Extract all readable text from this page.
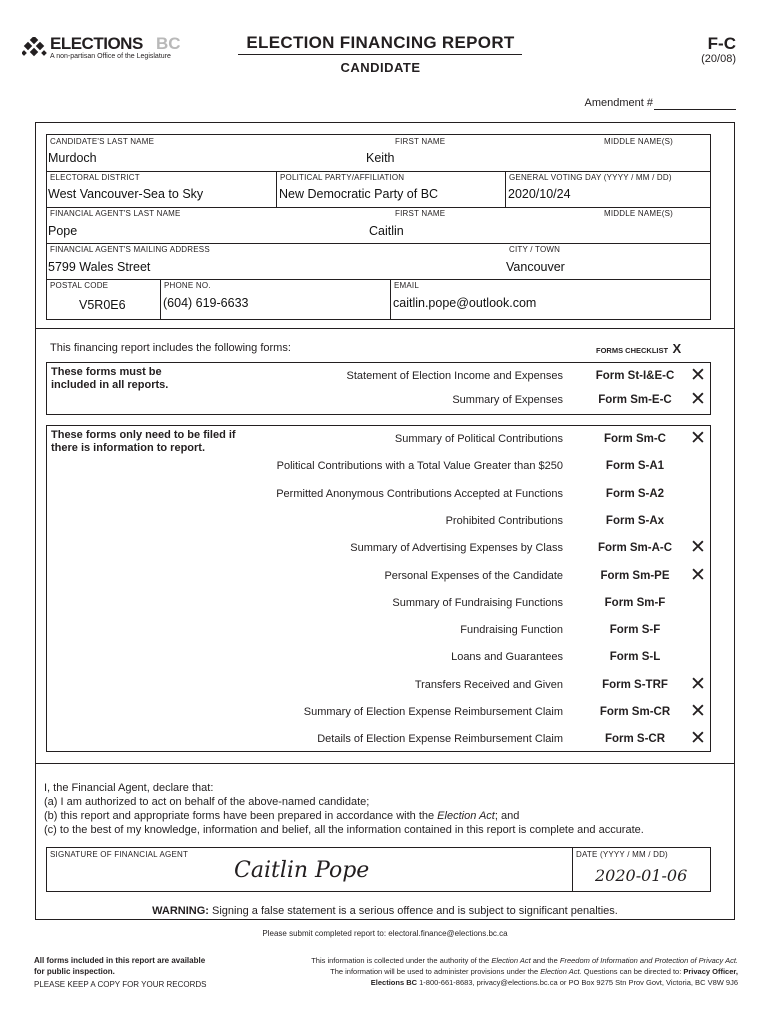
ELECTIONS BC
A non-partisan Office of the Legislature
ELECTION FINANCING REPORT
CANDIDATE
F-C
(20/08)
Amendment #
CANDIDATE'S LAST NAME
Murdoch
FIRST NAME
Keith
MIDDLE NAME(S)
ELECTORAL DISTRICT
West Vancouver-Sea to Sky
POLITICAL PARTY/AFFILIATION
New Democratic Party of BC
GENERAL VOTING DAY (YYYY / MM / DD)
2020/10/24
FINANCIAL AGENT'S LAST NAME
Pope
FIRST NAME
Caitlin
MIDDLE NAME(S)
FINANCIAL AGENT'S MAILING ADDRESS
5799 Wales Street
CITY / TOWN
Vancouver
POSTAL CODE
V5R0E6
PHONE NO.
(604) 619-6633
EMAIL
caitlin.pope@outlook.com
This financing report includes the following forms:	FORMS CHECKLIST X
These forms must be included in all reports.
Statement of Election Income and Expenses	Form St-I&E-C ✕
Summary of Expenses	Form Sm-E-C ✕
These forms only need to be filed if there is information to report.
Summary of Political Contributions	Form Sm-C	✕
Political Contributions with a Total Value Greater than $250	Form S-A1
Permitted Anonymous Contributions Accepted at Functions	Form S-A2
Prohibited Contributions	Form S-Ax
Summary of Advertising Expenses by Class	Form Sm-A-C ✕
Personal Expenses of the Candidate	Form Sm-PE	✕
Summary of Fundraising Functions	Form Sm-F
Fundraising Function	Form S-F
Loans and Guarantees	Form S-L
Transfers Received and Given	Form S-TRF	✕
Summary of Election Expense Reimbursement Claim	Form Sm-CR	✕
Details of Election Expense Reimbursement Claim	Form S-CR	✕
I, the Financial Agent, declare that:
(a) I am authorized to act on behalf of the above-named candidate;
(b) this report and appropriate forms have been prepared in accordance with the Election Act; and
(c) to the best of my knowledge, information and belief, all the information contained in this report is complete and accurate.
SIGNATURE OF FINANCIAL AGENT
Caitlin Pope
DATE (YYYY / MM / DD)
2020-01-06
WARNING: Signing a false statement is a serious offence and is subject to significant penalties.
Please submit completed report to: electoral.finance@elections.bc.ca
All forms included in this report are available
for public inspection.
PLEASE KEEP A COPY FOR YOUR RECORDS
This information is collected under the authority of the Election Act and the Freedom of Information and Protection of Privacy Act.
The information will be used to administer provisions under the Election Act. Questions can be directed to: Privacy Officer,
Elections BC 1-800-661-8683, privacy@elections.bc.ca or PO Box 9275 Stn Prov Govt, Victoria, BC V8W 9J6
